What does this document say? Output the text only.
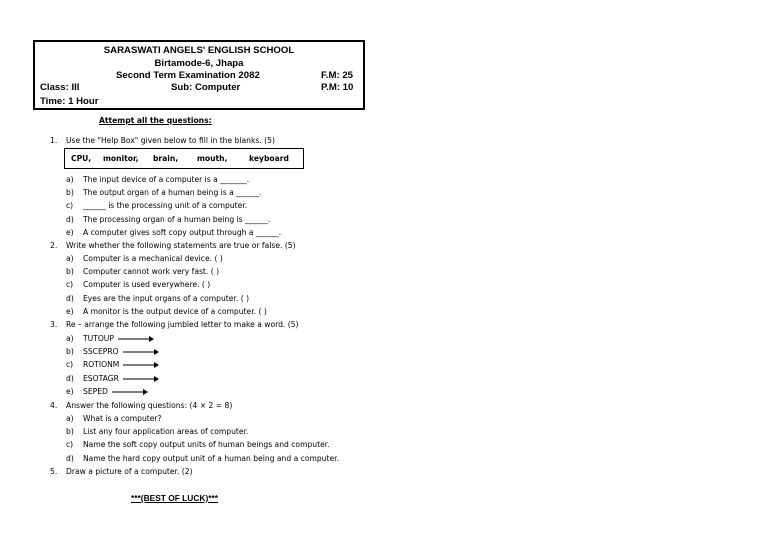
SARASWATI ANGELS' ENGLISH SCHOOL
Birtamode-6, Jhapa
Second Term Examination 2082	F.M: 25
Class: III	Sub: Computer	P.M: 10
Time: 1 Hour
Attempt all the questions:
1. Use the "Help Box" given below to fill in the blanks. (5)
CPU, monitor, brain, mouth,	keyboard
a) The input device of a computer is a _______.
b) The output organ of a human being is a ______.
c) ______ is the processing unit of a computer.
d) The processing organ of a human being is ______.
e) A computer gives soft copy output through a ______.
2. Write whether the following statements are true or false. (5)
a) Computer is a mechanical device. ( )
b) Computer cannot work very fast. ( )
c) Computer is used everywhere. ( )
d) Eyes are the input organs of a computer. ( )
e) A monitor is the output device of a computer. ( )
3. Re – arrange the following jumbled letter to make a word. (5)
a) TUTOUP
b) SSCEPRO
c) ROTIONM
d) ESOTAGR
e) SEPED
4. Answer the following questions: (4 × 2 = 8)
a) What is a computer?
b) List any four application areas of computer.
c) Name the soft copy output units of human beings and computer.
d) Name the hard copy output unit of a human being and a computer.
5. Draw a picture of a computer. (2)
***(BEST OF LUCK)***
